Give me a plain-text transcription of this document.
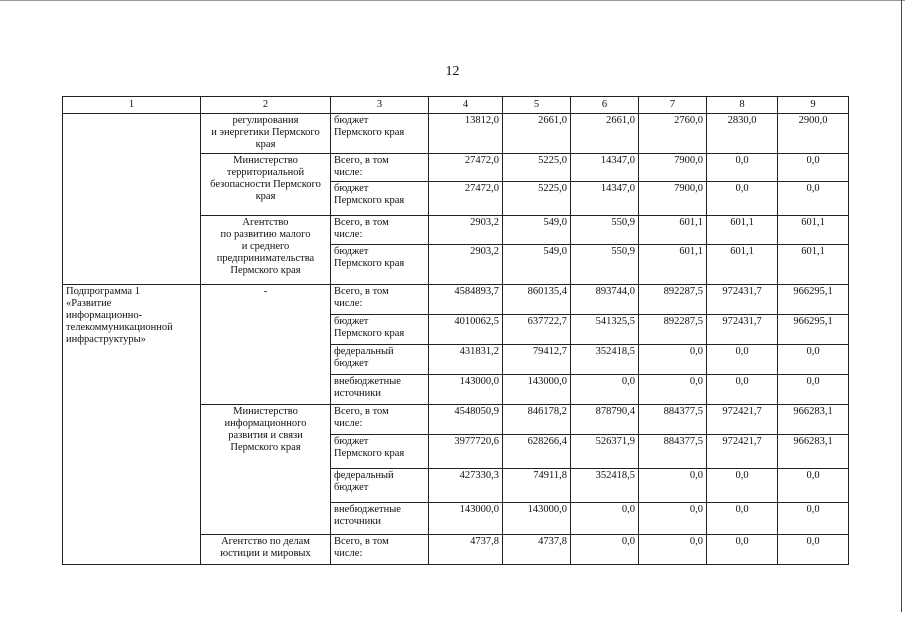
12
1	2	3	4	5	6	7	8	9
	регулирования
и энергетики Пермского
края	бюджет
Пермского края	13812,0	2661,0	2661,0	2760,0	2830,0	2900,0
	Министерство
территориальной
безопасности Пермского
края	Всего, в том
числе:	27472,0	5225,0	14347,0	7900,0	0,0	0,0
		бюджет
Пермского края	27472,0	5225,0	14347,0	7900,0	0,0	0,0
	Агентство
по развитию малого
и среднего
предпринимательства
Пермского края	Всего, в том
числе:	2903,2	549,0	550,9	601,1	601,1	601,1
		бюджет
Пермского края	2903,2	549,0	550,9	601,1	601,1	601,1
Подпрограмма 1
«Развитие
информационно-
телекоммуникационной
инфраструктуры»	-	Всего, в том
числе:	4584893,7	860135,4	893744,0	892287,5	972431,7	966295,1
		бюджет
Пермского края	4010062,5	637722,7	541325,5	892287,5	972431,7	966295,1
		федеральный
бюджет	431831,2	79412,7	352418,5	0,0	0,0	0,0
		внебюджетные
источники	143000,0	143000,0	0,0	0,0	0,0	0,0
	Министерство
информационного
развития и связи
Пермского края	Всего, в том
числе:	4548050,9	846178,2	878790,4	884377,5	972421,7	966283,1
		бюджет
Пермского края	3977720,6	628266,4	526371,9	884377,5	972421,7	966283,1
		федеральный
бюджет	427330,3	74911,8	352418,5	0,0	0,0	0,0
		внебюджетные
источники	143000,0	143000,0	0,0	0,0	0,0	0,0
	Агентство по делам
юстиции и мировых	Всего, в том
числе:	4737,8	4737,8	0,0	0,0	0,0	0,0
